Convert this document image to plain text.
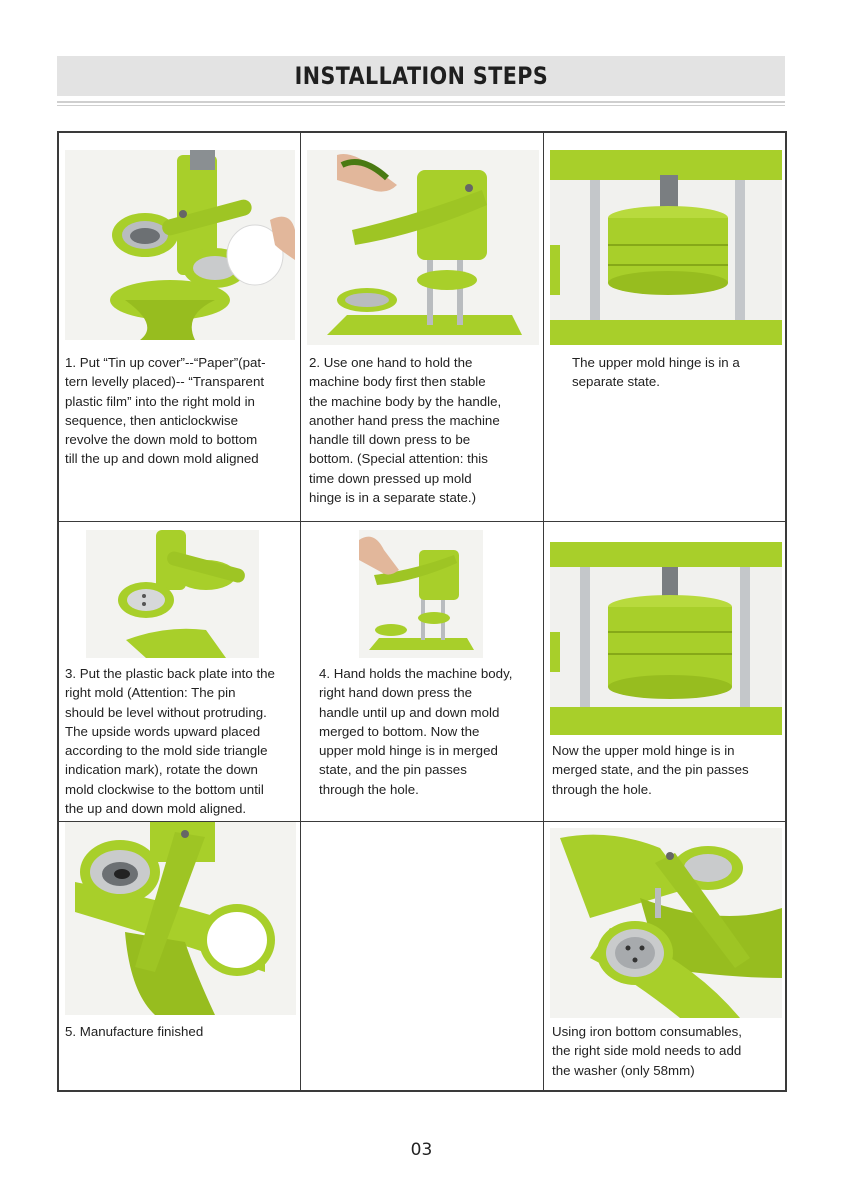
INSTALLATION STEPS
1. Put “Tin up cover”--“Paper”(pat-
tern levelly placed)-- “Transparent
plastic film” into the right mold in
sequence, then anticlockwise
revolve the down mold to bottom
till the up and down mold aligned
2. Use one hand to hold the
machine body first then stable
the machine body by the handle,
another hand press the machine
handle till down press to be
bottom. (Special attention: this
time down pressed up mold
hinge is in a separate state.)
The upper mold hinge is in a
separate state.
3. Put the plastic back plate into the
right mold (Attention: The pin
should be level without protruding.
The upside words upward placed
according to the mold side triangle
indication mark), rotate the down
mold clockwise to the bottom until
the up and down mold aligned.
4. Hand holds the machine body,
right hand down press the
handle until up and down mold
merged to bottom. Now the
upper mold hinge is in merged
state, and the pin passes
through the hole.
Now the upper mold hinge is in
merged state, and the pin passes
through the hole.
5. Manufacture finished	Using iron bottom consumables,
the right side mold needs to add
the washer (only 58mm)
03
